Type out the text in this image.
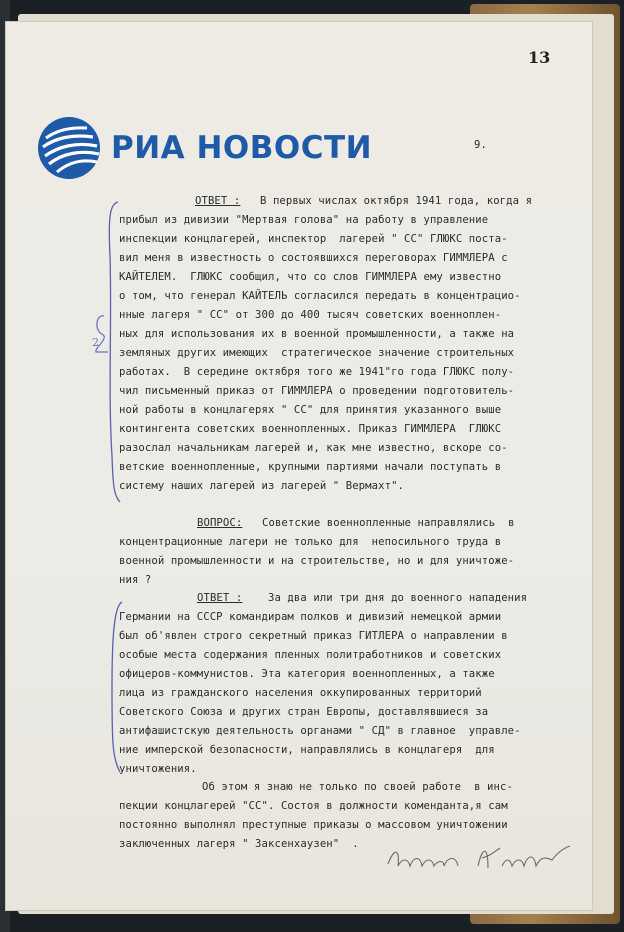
13
9.
РИА НОВОСТИ
ОТВЕТ : В первых числах октября 1941 года, когда я
прибыл из дивизии "Мертвая голова" на работу в управление
инспекции концлагерей, инспектор  лагерей " СС" ГЛЮКС поста-
вил меня в известность о состоявшихся переговорах ГИММЛЕРА с
КАЙТЕЛЕМ.  ГЛЮКС сообщил, что со слов ГИММЛЕРА ему известно
о том, что генерал КАЙТЕЛЬ согласился передать в концентрацио-
нные лагеря " СС" от 300 до 400 тысяч советских военноплен-
ных для использования их в военной промышленности, а также на
земляных других имеющих  стратегическое значение строительных
работах.  В середине октября того же 1941"го года ГЛЮКС полу-
чил письменный приказ от ГИММЛЕРА о проведении подготовитель-
ной работы в концлагерях " СС" для принятия указанного выше
контингента советских военнопленных. Приказ ГИММЛЕРА  ГЛЮКС
разослал начальникам лагерей и, как мне известно, вскоре со-
ветские военнопленные, крупными партиями начали поступать в
систему наших лагерей из лагерей " Вермахт".
ВОПРОС: Советские военнопленные направлялись  в
концентрационные лагери не только для  непосильного труда в
военной промышленности и на строительстве, но и для уничтоже-
ния ?
ОТВЕТ : За два или три дня до военного нападения
Германии на СССР командирам полков и дивизий немецкой армии
был об'явлен строго секретный приказ ГИТЛЕРА о направлении в
особые места содержания пленных политработников и советских
офицеров-коммунистов. Эта категория военнопленных, а также
лица из гражданского населения оккупированных территорий
Советского Союза и других стран Европы, доставлявшиеся за
антифашистскую деятельность органами " СД" в главное  управле-
ние имперской безопасности, направлялись в концлагеря  для
уничтожения.
Об этом я знаю не только по своей работе  в инс-
пекции концлагерей "СС". Состоя в должности коменданта,я сам
постоянно выполнял преступные приказы о массовом уничтожении
заключенных лагеря " Заксенхаузен"  .
2
